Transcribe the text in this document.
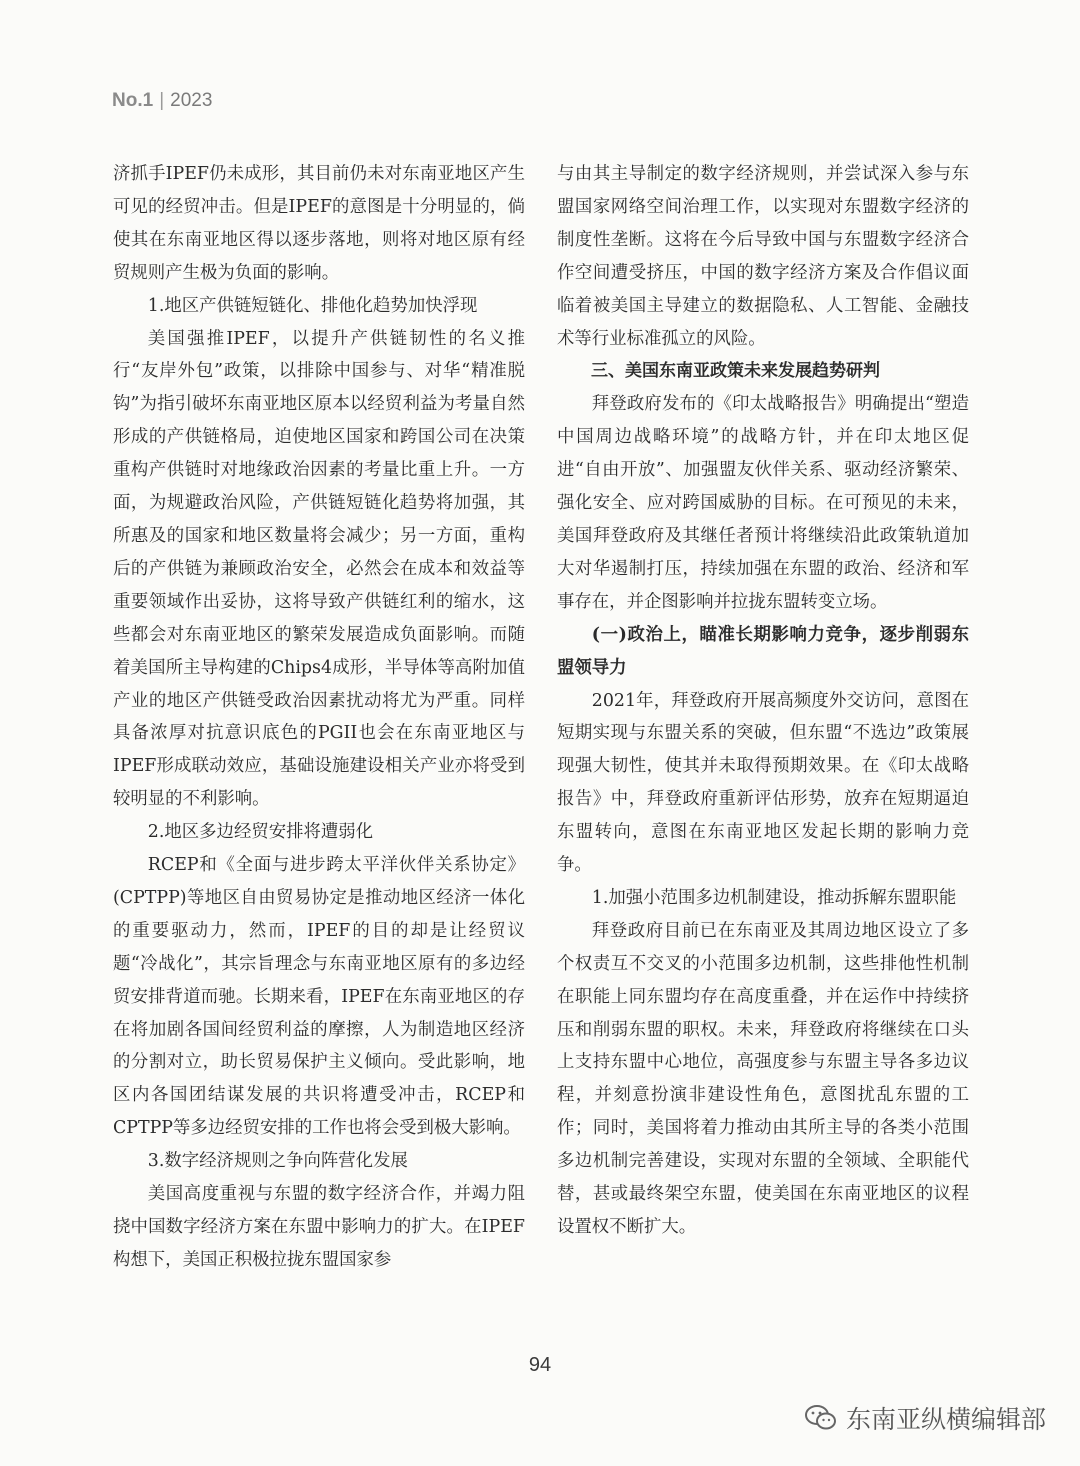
No.1 | 2023

济抓手IPEF仍未成形，其目前仍未对东南亚地区产生可见的经贸冲击。但是IPEF的意图是十分明显的，倘使其在东南亚地区得以逐步落地，则将对地区原有经贸规则产生极为负面的影响。

1.地区产供链短链化、排他化趋势加快浮现

美国强推IPEF，以提升产供链韧性的名义推行“友岸外包”政策，以排除中国参与、对华“精准脱钩”为指引破坏东南亚地区原本以经贸利益为考量自然形成的产供链格局，迫使地区国家和跨国公司在决策重构产供链时对地缘政治因素的考量比重上升。一方面，为规避政治风险，产供链短链化趋势将加强，其所惠及的国家和地区数量将会减少；另一方面，重构后的产供链为兼顾政治安全，必然会在成本和效益等重要领域作出妥协，这将导致产供链红利的缩水，这些都会对东南亚地区的繁荣发展造成负面影响。而随着美国所主导构建的Chips4成形，半导体等高附加值产业的地区产供链受政治因素扰动将尤为严重。同样具备浓厚对抗意识底色的PGII也会在东南亚地区与IPEF形成联动效应，基础设施建设相关产业亦将受到较明显的不利影响。

2.地区多边经贸安排将遭弱化

RCEP和《全面与进步跨太平洋伙伴关系协定》(CPTPP)等地区自由贸易协定是推动地区经济一体化的重要驱动力，然而，IPEF的目的却是让经贸议题“冷战化”，其宗旨理念与东南亚地区原有的多边经贸安排背道而驰。长期来看，IPEF在东南亚地区的存在将加剧各国间经贸利益的摩擦，人为制造地区经济的分割对立，助长贸易保护主义倾向。受此影响，地区内各国团结谋发展的共识将遭受冲击，RCEP和CPTPP等多边经贸安排的工作也将会受到极大影响。

3.数字经济规则之争向阵营化发展

美国高度重视与东盟的数字经济合作，并竭力阻挠中国数字经济方案在东盟中影响力的扩大。在IPEF构想下，美国正积极拉拢东盟国家参

与由其主导制定的数字经济规则，并尝试深入参与东盟国家网络空间治理工作，以实现对东盟数字经济的制度性垄断。这将在今后导致中国与东盟数字经济合作空间遭受挤压，中国的数字经济方案及合作倡议面临着被美国主导建立的数据隐私、人工智能、金融技术等行业标准孤立的风险。

三、美国东南亚政策未来发展趋势研判

拜登政府发布的《印太战略报告》明确提出“塑造中国周边战略环境”的战略方针，并在印太地区促进“自由开放”、加强盟友伙伴关系、驱动经济繁荣、强化安全、应对跨国威胁的目标。在可预见的未来，美国拜登政府及其继任者预计将继续沿此政策轨道加大对华遏制打压，持续加强在东盟的政治、经济和军事存在，并企图影响并拉拢东盟转变立场。

(一)政治上，瞄准长期影响力竞争，逐步削弱东盟领导力

2021年，拜登政府开展高频度外交访问，意图在短期实现与东盟关系的突破，但东盟“不选边”政策展现强大韧性，使其并未取得预期效果。在《印太战略报告》中，拜登政府重新评估形势，放弃在短期逼迫东盟转向，意图在东南亚地区发起长期的影响力竞争。

1.加强小范围多边机制建设，推动拆解东盟职能

拜登政府目前已在东南亚及其周边地区设立了多个权责互不交叉的小范围多边机制，这些排他性机制在职能上同东盟均存在高度重叠，并在运作中持续挤压和削弱东盟的职权。未来，拜登政府将继续在口头上支持东盟中心地位，高强度参与东盟主导各多边议程，并刻意扮演非建设性角色，意图扰乱东盟的工作；同时，美国将着力推动由其所主导的各类小范围多边机制完善建设，实现对东盟的全领域、全职能代替，甚或最终架空东盟，使美国在东南亚地区的议程设置权不断扩大。

94
东南亚纵横编辑部
